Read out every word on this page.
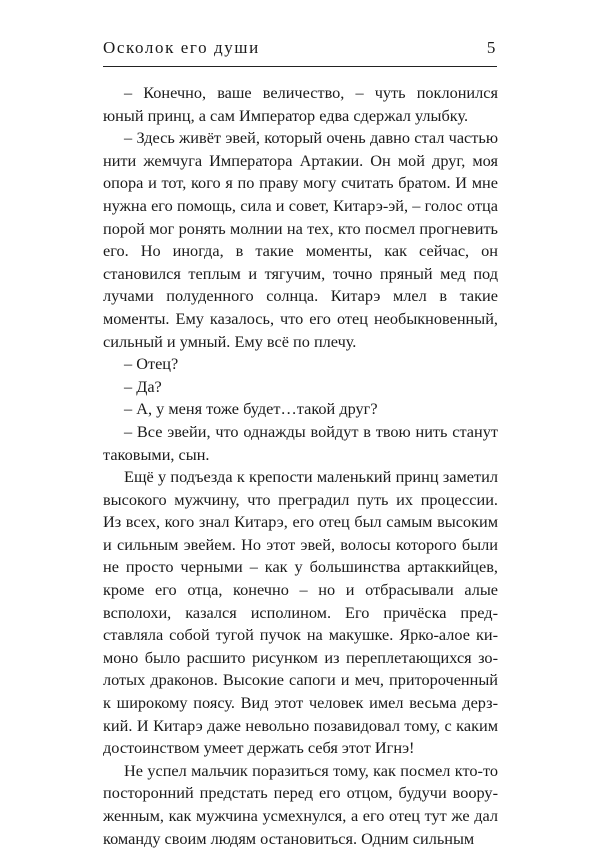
Осколок его души	5

– Конечно, ваше величество, – чуть поклонился юный принц, а сам Император едва сдержал улыбку.

– Здесь живёт эвей, который очень давно стал частью нити жемчуга Императора Артакии. Он мой друг, моя опора и тот, кого я по праву могу считать братом. И мне нужна его помощь, сила и совет, Китарэ-эй, – голос отца порой мог ронять молнии на тех, кто посмел прогневить его. Но иногда, в такие моменты, как сейчас, он становился теплым и тягучим, точно пряный мед под лучами полуденного солнца. Китарэ млел в такие моменты. Ему казалось, что его отец необыкновенный, сильный и умный. Ему всё по плечу.

– Отец?

– Да?

– А, у меня тоже будет…такой друг?

– Все эвейи, что однажды войдут в твою нить станут таковыми, сын.

Ещё у подъезда к крепости маленький принц заметил высокого мужчину, что преградил путь их процессии. Из всех, кого знал Китарэ, его отец был самым высоким и сильным эвейем. Но этот эвей, волосы которого были не просто черными – как у большинства артаккийцев, кроме его отца, конечно – но и отбрасывали алые всполохи, казался исполином. Его причёска представляла собой тугой пучок на макушке. Ярко-алое кимоно было расшито рисунком из переплетающихся золотых драконов. Высокие сапоги и меч, притороченный к широкому поясу. Вид этот человек имел весьма дерзкий. И Китарэ даже невольно позавидовал тому, с каким достоинством умеет держать себя этот Игнэ!

Не успел мальчик поразиться тому, как посмел кто-то посторонний предстать перед его отцом, будучи вооруженным, как мужчина усмехнулся, а его отец тут же дал команду своим людям остановиться. Одним сильным
